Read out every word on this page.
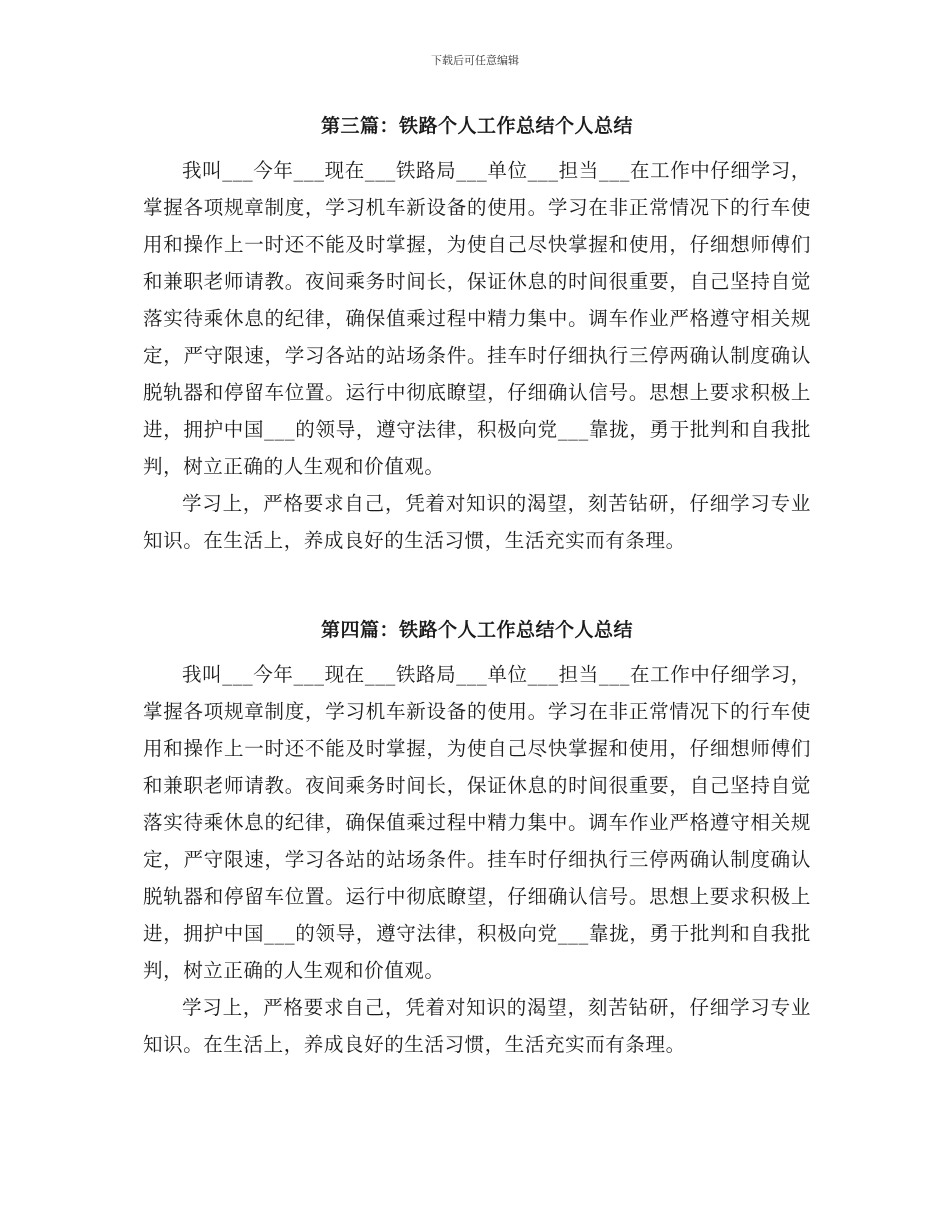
下载后可任意编辑
第三篇：铁路个人工作总结个人总结

我叫___今年___现在___铁路局___单位___担当___在工作中仔细学习，掌握各项规章制度，学习机车新设备的使用。学习在非正常情况下的行车使用和操作上一时还不能及时掌握，为使自己尽快掌握和使用，仔细想师傅们和兼职老师请教。夜间乘务时间长，保证休息的时间很重要，自己坚持自觉落实待乘休息的纪律，确保值乘过程中精力集中。调车作业严格遵守相关规定，严守限速，学习各站的站场条件。挂车时仔细执行三停两确认制度确认脱轨器和停留车位置。运行中彻底瞭望，仔细确认信号。思想上要求积极上进，拥护中国___的领导，遵守法律，积极向党___靠拢，勇于批判和自我批判，树立正确的人生观和价值观。

学习上，严格要求自己，凭着对知识的渴望，刻苦钻研，仔细学习专业知识。在生活上，养成良好的生活习惯，生活充实而有条理。

第四篇：铁路个人工作总结个人总结

我叫___今年___现在___铁路局___单位___担当___在工作中仔细学习，掌握各项规章制度，学习机车新设备的使用。学习在非正常情况下的行车使用和操作上一时还不能及时掌握，为使自己尽快掌握和使用，仔细想师傅们和兼职老师请教。夜间乘务时间长，保证休息的时间很重要，自己坚持自觉落实待乘休息的纪律，确保值乘过程中精力集中。调车作业严格遵守相关规定，严守限速，学习各站的站场条件。挂车时仔细执行三停两确认制度确认脱轨器和停留车位置。运行中彻底瞭望，仔细确认信号。思想上要求积极上进，拥护中国___的领导，遵守法律，积极向党___靠拢，勇于批判和自我批判，树立正确的人生观和价值观。

学习上，严格要求自己，凭着对知识的渴望，刻苦钻研，仔细学习专业知识。在生活上，养成良好的生活习惯，生活充实而有条理。
